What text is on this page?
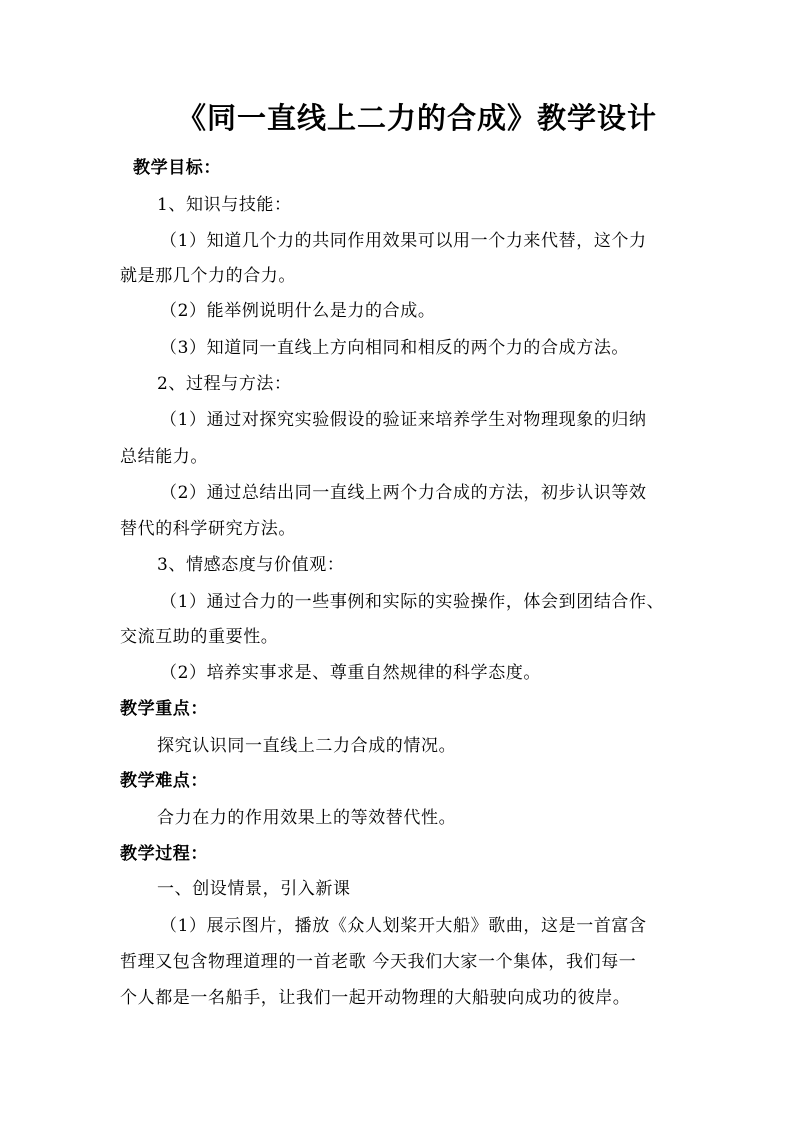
《同一直线上二力的合成》教学设计
教学目标：
1、知识与技能：
（1）知道几个力的共同作用效果可以用一个力来代替，这个力
就是那几个力的合力。
（2）能举例说明什么是力的合成。
（3）知道同一直线上方向相同和相反的两个力的合成方法。
2、过程与方法：
（1）通过对探究实验假设的验证来培养学生对物理现象的归纳
总结能力。
（2）通过总结出同一直线上两个力合成的方法，初步认识等效
替代的科学研究方法。
3、情感态度与价值观：
（1）通过合力的一些事例和实际的实验操作，体会到团结合作、
交流互助的重要性。
（2）培养实事求是、尊重自然规律的科学态度。
教学重点：
探究认识同一直线上二力合成的情况。
教学难点：
合力在力的作用效果上的等效替代性。
教学过程：
一、创设情景，引入新课
（1）展示图片，播放《众人划桨开大船》歌曲，这是一首富含
哲理又包含物理道理的一首老歌 今天我们大家一个集体，我们每一
个人都是一名船手，让我们一起开动物理的大船驶向成功的彼岸。
